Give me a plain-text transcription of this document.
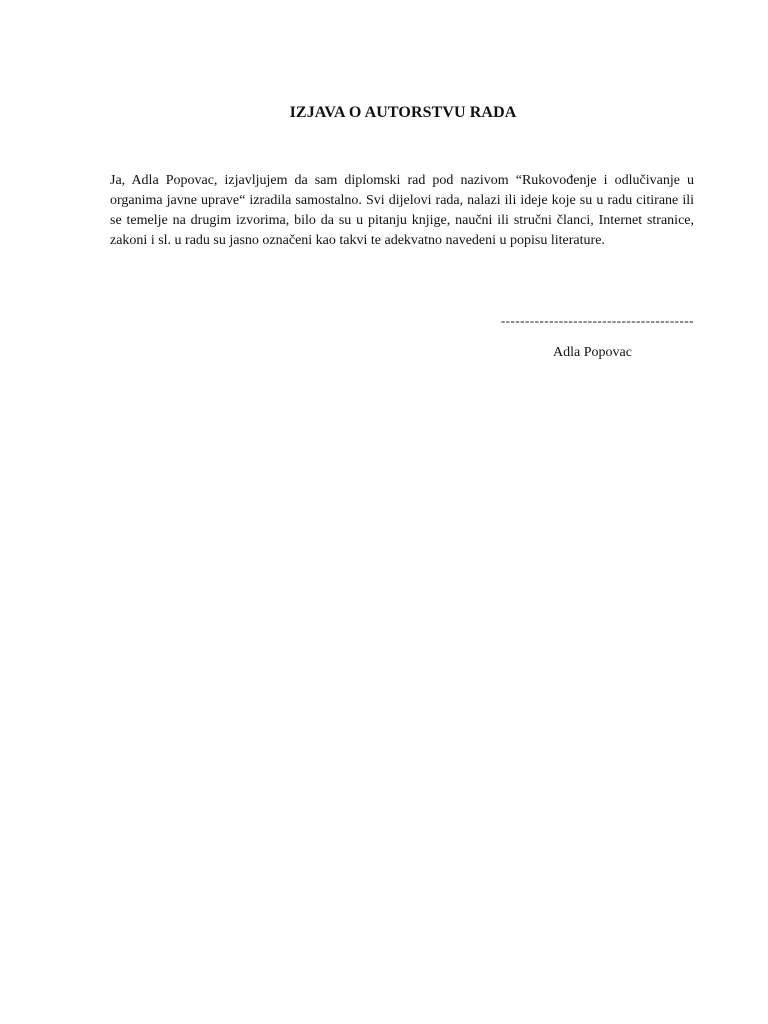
IZJAVA O AUTORSTVU RADA

Ja, Adla Popovac, izjavljujem da sam diplomski rad pod nazivom “Rukovođenje i odlučivanje u organima javne uprave“ izradila samostalno. Svi dijelovi rada, nalazi ili ideje koje su u radu citirane ili se temelje na drugim izvorima, bilo da su u pitanju knjige, naučni ili stručni članci, Internet stranice, zakoni i sl. u radu su jasno označeni kao takvi te adekvatno navedeni u popisu literature.

----------------------------------------
Adla Popovac
